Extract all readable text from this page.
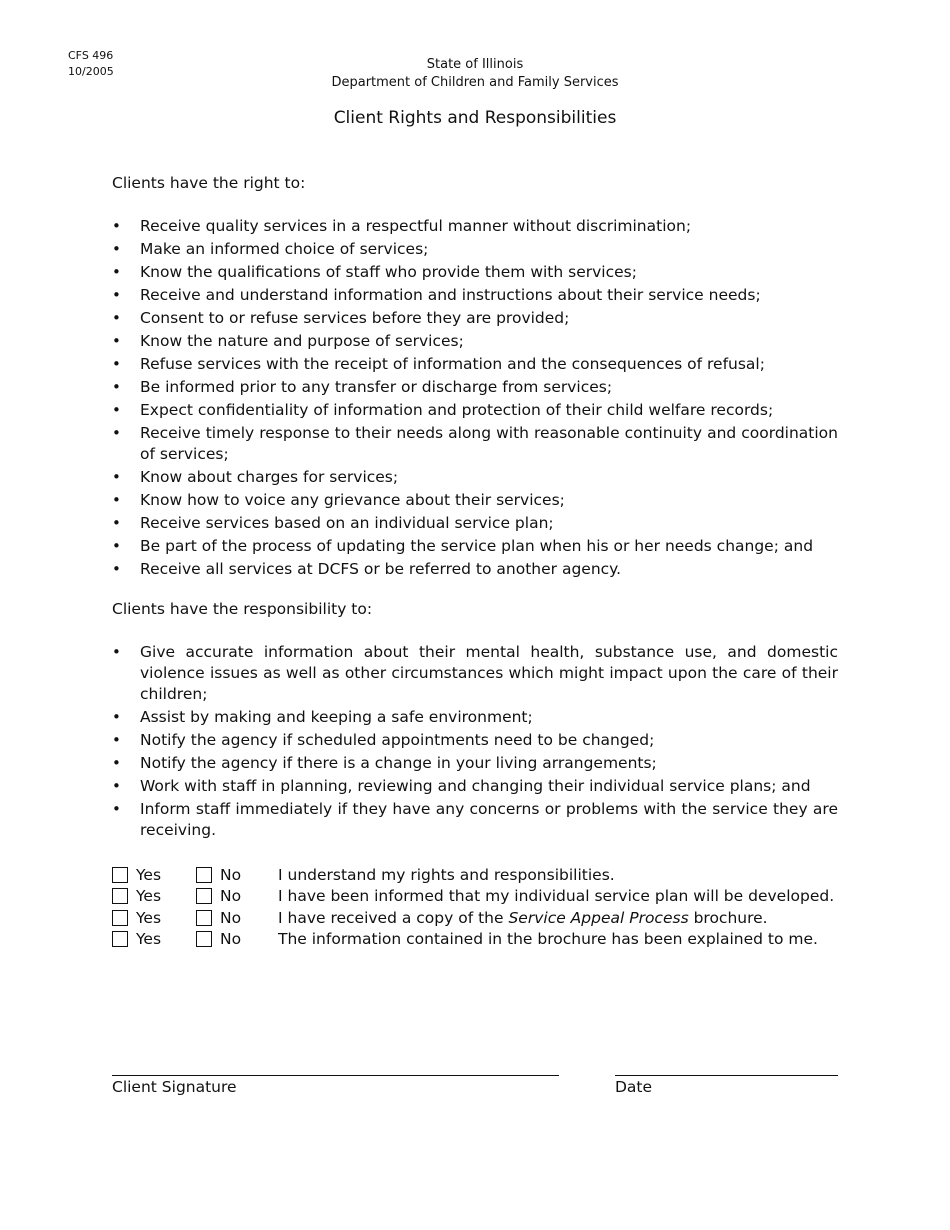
CFS 496
10/2005	State of Illinois
Department of Children and Family Services
Client Rights and Responsibilities

Clients have the right to:

• Receive quality services in a respectful manner without discrimination;
• Make an informed choice of services;
• Know the qualifications of staff who provide them with services;
• Receive and understand information and instructions about their service needs;
• Consent to or refuse services before they are provided;
• Know the nature and purpose of services;
• Refuse services with the receipt of information and the consequences of refusal;
• Be informed prior to any transfer or discharge from services;
• Expect confidentiality of information and protection of their child welfare records;
• Receive timely response to their needs along with reasonable continuity and coordination of services;
• Know about charges for services;
• Know how to voice any grievance about their services;
• Receive services based on an individual service plan;
• Be part of the process of updating the service plan when his or her needs change; and
• Receive all services at DCFS or be referred to another agency.

Clients have the responsibility to:

• Give accurate information about their mental health, substance use, and domestic violence issues as well as other circumstances which might impact upon the care of their children;
• Assist by making and keeping a safe environment;
• Notify the agency if scheduled appointments need to be changed;
• Notify the agency if there is a change in your living arrangements;
• Work with staff in planning, reviewing and changing their individual service plans; and
• Inform staff immediately if they have any concerns or problems with the service they are receiving.
Yes	No I understand my rights and responsibilities.
Yes	No I have been informed that my individual service plan will be developed.
Yes	No I have received a copy of the Service Appeal Process brochure.
Yes	No The information contained in the brochure has been explained to me.
Client Signature	Date
